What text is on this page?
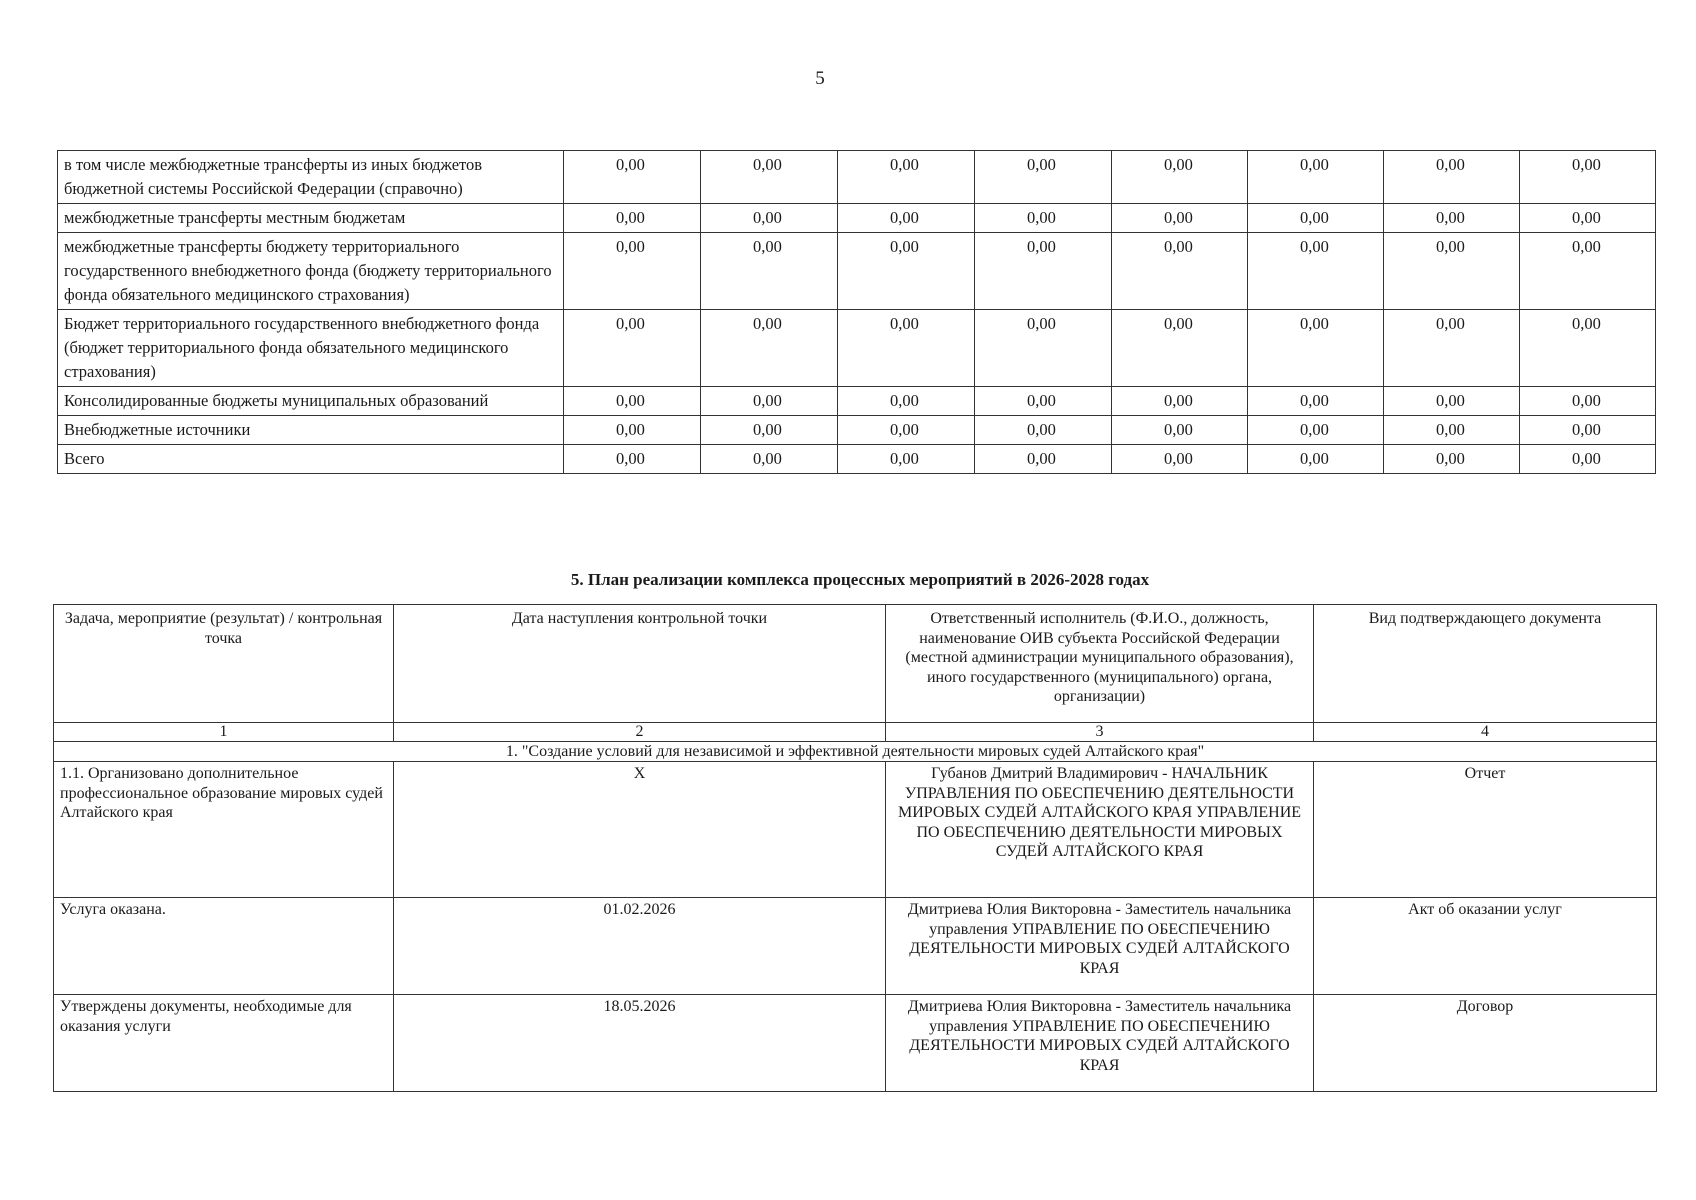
5
в том числе межбюджетные трансферты из иных бюджетов бюджетной системы Российской Федерации (справочно)	0,00	0,00	0,00	0,00	0,00	0,00	0,00	0,00
межбюджетные трансферты местным бюджетам	0,00	0,00	0,00	0,00	0,00	0,00	0,00	0,00
межбюджетные трансферты бюджету территориального государственного внебюджетного фонда (бюджету территориального фонда обязательного медицинского страхования)	0,00	0,00	0,00	0,00	0,00	0,00	0,00	0,00
Бюджет территориального государственного внебюджетного фонда (бюджет территориального фонда обязательного медицинского страхования)	0,00	0,00	0,00	0,00	0,00	0,00	0,00	0,00
Консолидированные бюджеты муниципальных образований	0,00	0,00	0,00	0,00	0,00	0,00	0,00	0,00
Внебюджетные источники	0,00	0,00	0,00	0,00	0,00	0,00	0,00	0,00
Всего	0,00	0,00	0,00	0,00	0,00	0,00	0,00	0,00
5. План реализации комплекса процессных мероприятий в 2026-2028 годах
Задача, мероприятие (результат) / контрольная точка	Дата наступления контрольной точки	Ответственный исполнитель (Ф.И.О., должность, наименование ОИВ субъекта Российской Федерации (местной администрации муниципального образования), иного государственного (муниципального) органа, организации)	Вид подтверждающего документа
1	2	3	4
1. "Создание условий для независимой и эффективной деятельности мировых судей Алтайского края"			
1.1. Организовано дополнительное профессиональное образование мировых судей Алтайского края	X	Губанов Дмитрий Владимирович - НАЧАЛЬНИК УПРАВЛЕНИЯ ПО ОБЕСПЕЧЕНИЮ ДЕЯТЕЛЬНОСТИ МИРОВЫХ СУДЕЙ АЛТАЙСКОГО КРАЯ УПРАВЛЕНИЕ ПО ОБЕСПЕЧЕНИЮ ДЕЯТЕЛЬНОСТИ МИРОВЫХ СУДЕЙ АЛТАЙСКОГО КРАЯ	Отчет
Услуга оказана.	01.02.2026	Дмитриева Юлия Викторовна - Заместитель начальника управления УПРАВЛЕНИЕ ПО ОБЕСПЕЧЕНИЮ ДЕЯТЕЛЬНОСТИ МИРОВЫХ СУДЕЙ АЛТАЙСКОГО КРАЯ	Акт об оказании услуг
Утверждены документы, необходимые для оказания услуги	18.05.2026	Дмитриева Юлия Викторовна - Заместитель начальника управления УПРАВЛЕНИЕ ПО ОБЕСПЕЧЕНИЮ ДЕЯТЕЛЬНОСТИ МИРОВЫХ СУДЕЙ АЛТАЙСКОГО КРАЯ	Договор
